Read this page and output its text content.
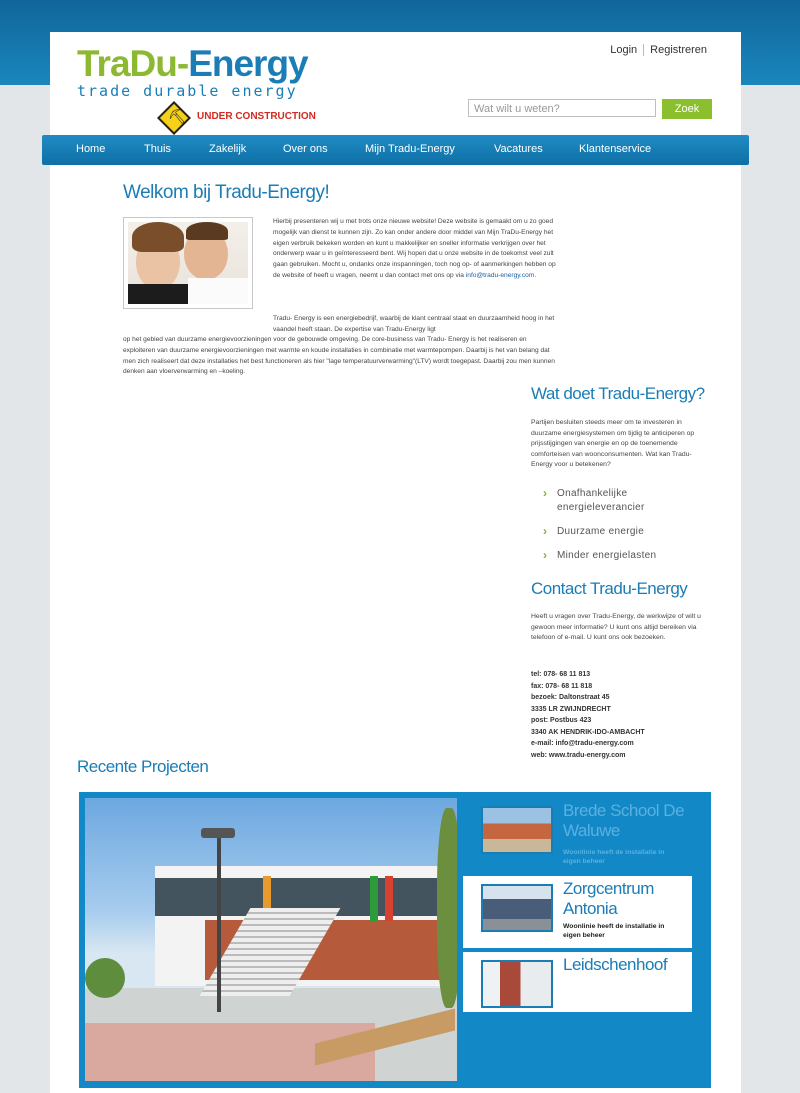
TraDu-Energy
trade durable energy
⛏ UNDER CONSTRUCTION
Login Registreren
Wat wilt u weten?	Zoek
Home	Thuis	Zakelijk	Over ons	Mijn Tradu-Energy	Vacatures	Klantenservice
Welkom bij Tradu-Energy!

Hierbij presenteren wij u met trots onze nieuwe website! Deze website is gemaakt om u zo goed mogelijk van dienst te kunnen zijn. Zo kan onder andere door middel van Mijn TraDu-Energy het eigen verbruik bekeken worden en kunt u makkelijker en sneller informatie verkrijgen over het onderwerp waar u in geïnteresseerd bent. Wij hopen dat u onze website in de toekomst veel zult gaan gebruiken. Mocht u, ondanks onze inspanningen, toch nog op- of aanmerkingen hebben op de website of heeft u vragen, neemt u dan contact met ons op via info@tradu-energy.com.

Tradu- Energy is een energiebedrijf, waarbij de klant centraal staat en duurzaamheid hoog in het vaandel heeft staan. De expertise van Tradu-Energy ligt

op het gebied van duurzame energievoorzieningen voor de gebouwde omgeving. De core-business van Tradu- Energy is het realiseren en exploiteren van duurzame energievoorzieningen met warmte en koude installaties in combinatie met warmtepompen. Daarbij is het van belang dat men zich realiseert dat deze installaties het best functioneren als hier "lage temperatuurverwarming"(LTV) wordt toegepast. Daarbij zou men kunnen denken aan vloerverwarming en –koeling.

Wat doet Tradu-Energy?

Partijen besluiten steeds meer om te investeren in duurzame energiesystemen om tijdig te anticiperen op prijsstijgingen van energie en op de toenemende comforteisen van woonconsumenten. Wat kan Tradu-Energy voor u betekenen?

› Onafhankelijke energieleverancier
› Duurzame energie
› Minder energielasten
Contact Tradu-Energy

Heeft u vragen over Tradu-Energy, de werkwijze of wilt u gewoon meer informatie? U kunt ons altijd bereiken via telefoon of e-mail. U kunt ons ook bezoeken.

tel: 078- 68 11 813
fax: 078- 68 11 818
bezoek: Daltonstraat 45
3335 LR ZWIJNDRECHT
post: Postbus 423
3340 AK HENDRIK-IDO-AMBACHT
e-mail: info@tradu-energy.com
web: www.tradu-energy.com
Recente Projecten
Brede School De Waluwe
Woonlinie heeft de installatie in eigen beheer
Zorgcentrum Antonia
Woonlinie heeft de installatie in eigen beheer
Leidschenhoof
